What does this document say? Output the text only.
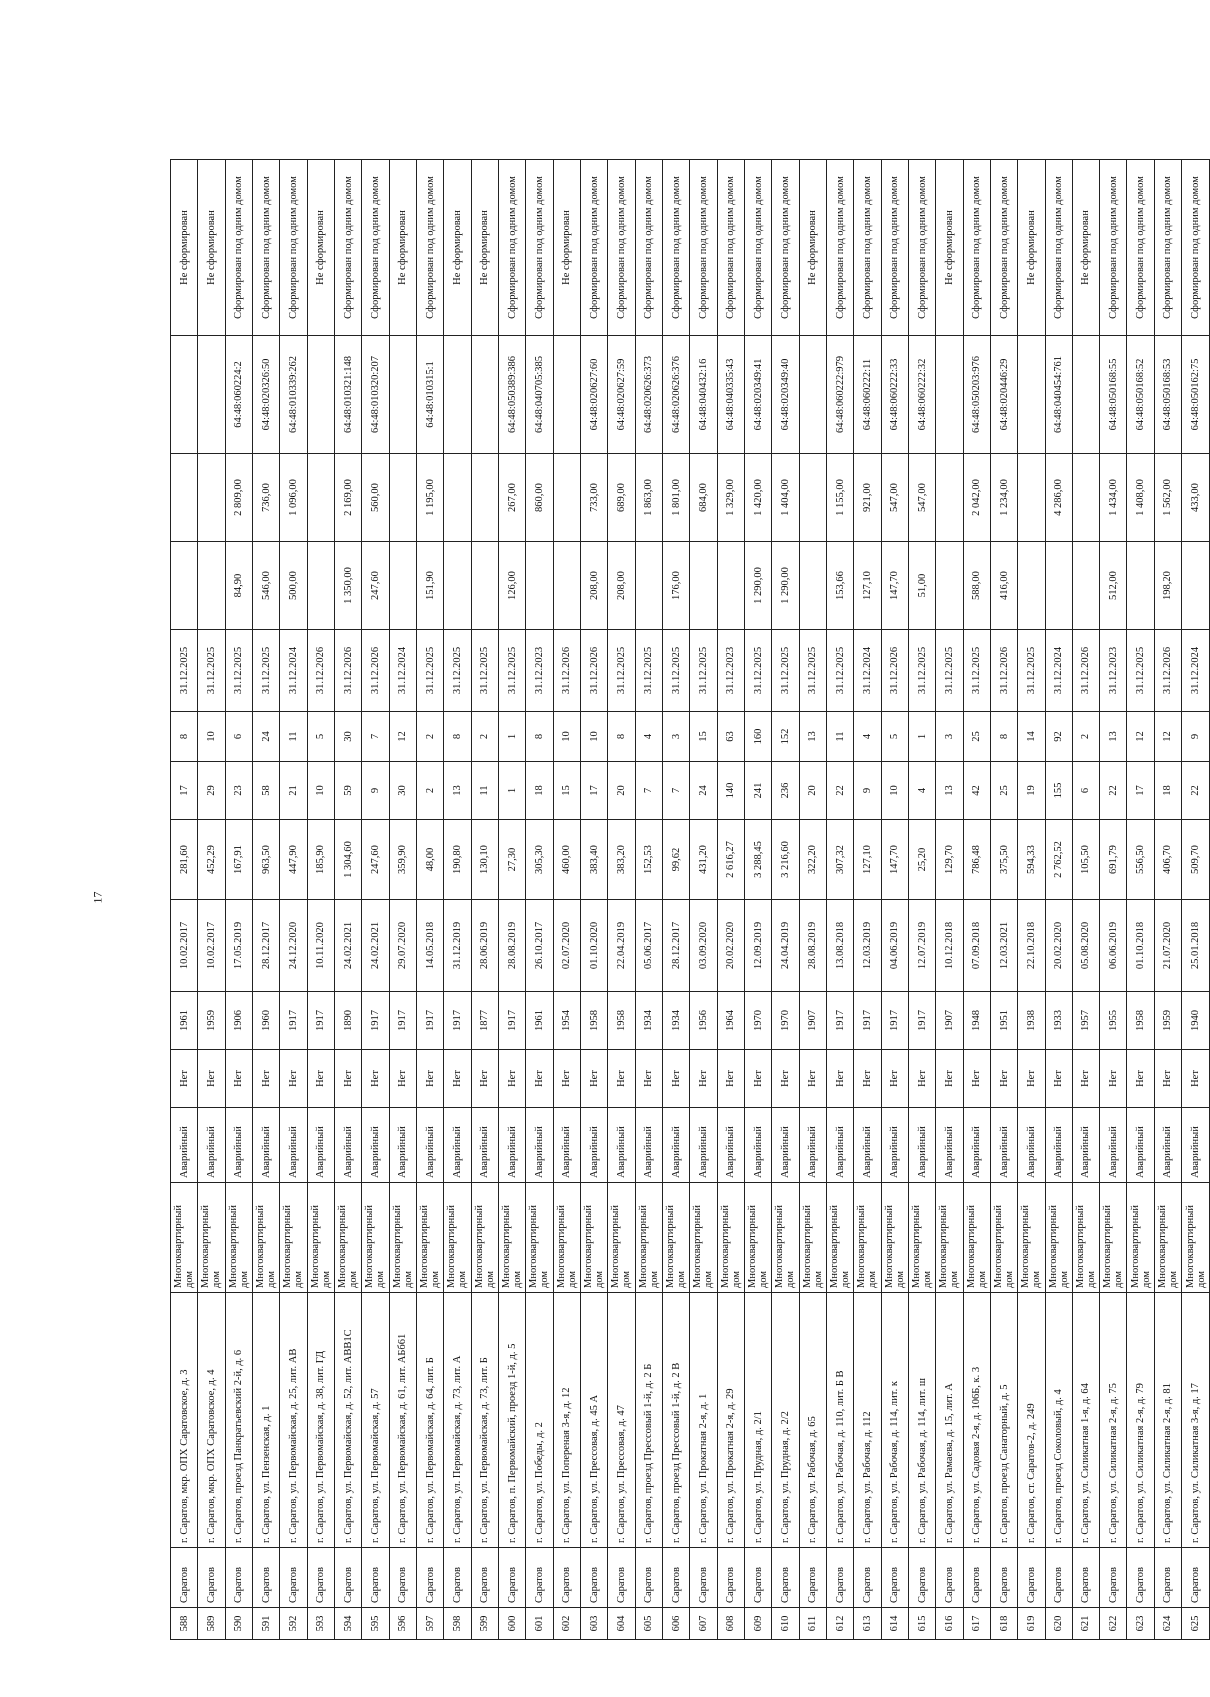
17
588	Саратов	г. Саратов, мкр. ОПХ Саратовское, д. 3	Многоквартирный дом	Аварийный	Нет	1961	10.02.2017	281,60	17	8	31.12.2025				Не сформирован
589	Саратов	г. Саратов, мкр. ОПХ Саратовское, д. 4	Многоквартирный дом	Аварийный	Нет	1959	10.02.2017	452,29	29	10	31.12.2025				Не сформирован
590	Саратов	г. Саратов, проезд Панкратьевский 2-й, д. 6	Многоквартирный дом	Аварийный	Нет	1906	17.05.2019	167,91	23	6	31.12.2025	84,90	2 809,00	64:48:060224:2	Сформирован под одним домом
591	Саратов	г. Саратов, ул. Пензенская, д. 1	Многоквартирный дом	Аварийный	Нет	1960	28.12.2017	963,50	58	24	31.12.2025	546,00	736,00	64:48:020326:50	Сформирован под одним домом
592	Саратов	г. Саратов, ул. Первомайская, д. 25, лит. АВ	Многоквартирный дом	Аварийный	Нет	1917	24.12.2020	447,90	21	11	31.12.2024	500,00	1 096,00	64:48:010339:262	Сформирован под одним домом
593	Саратов	г. Саратов, ул. Первомайская, д. 38, лит. ГД	Многоквартирный дом	Аварийный	Нет	1917	10.11.2020	185,90	10	5	31.12.2026				Не сформирован
594	Саратов	г. Саратов, ул. Первомайская, д. 52, лит. АВВ1С	Многоквартирный дом	Аварийный	Нет	1890	24.02.2021	1 304,60	59	30	31.12.2026	1 350,00	2 169,00	64:48:010321:148	Сформирован под одним домом
595	Саратов	г. Саратов, ул. Первомайская, д. 57	Многоквартирный дом	Аварийный	Нет	1917	24.02.2021	247,60	9	7	31.12.2026	247,60	560,00	64:48:010320:207	Сформирован под одним домом
596	Саратов	г. Саратов, ул. Первомайская, д. 61, лит. АБб61	Многоквартирный дом	Аварийный	Нет	1917	29.07.2020	359,90	30	12	31.12.2024				Не сформирован
597	Саратов	г. Саратов, ул. Первомайская, д. 64, лит. Б	Многоквартирный дом	Аварийный	Нет	1917	14.05.2018	48,00	2	2	31.12.2025	151,90	1 195,00	64:48:010315:1	Сформирован под одним домом
598	Саратов	г. Саратов, ул. Первомайская, д. 73, лит. А	Многоквартирный дом	Аварийный	Нет	1917	31.12.2019	190,80	13	8	31.12.2025				Не сформирован
599	Саратов	г. Саратов, ул. Первомайская, д. 73, лит. Б	Многоквартирный дом	Аварийный	Нет	1877	28.06.2019	130,10	11	2	31.12.2025				Не сформирован
600	Саратов	г. Саратов, п. Первомайский, проезд 1-й, д. 5	Многоквартирный дом	Аварийный	Нет	1917	28.08.2019	27,30	1	1	31.12.2025	126,00	267,00	64:48:050389:386	Сформирован под одним домом
601	Саратов	г. Саратов, ул. Победы, д. 2	Многоквартирный дом	Аварийный	Нет	1961	26.10.2017	305,30	18	8	31.12.2023		860,00	64:48:040705:385	Сформирован под одним домом
602	Саратов	г. Саратов, ул. Попереная 3-я, д. 12	Многоквартирный дом	Аварийный	Нет	1954	02.07.2020	460,00	15	10	31.12.2026				Не сформирован
603	Саратов	г. Саратов, ул. Прессовая, д. 45 А	Многоквартирный дом	Аварийный	Нет	1958	01.10.2020	383,40	17	10	31.12.2026	208,00	733,00	64:48:020627:60	Сформирован под одним домом
604	Саратов	г. Саратов, ул. Прессовая, д. 47	Многоквартирный дом	Аварийный	Нет	1958	22.04.2019	383,20	20	8	31.12.2025	208,00	689,00	64:48:020627:59	Сформирован под одним домом
605	Саратов	г. Саратов, проезд Прессовый 1-й, д. 2 Б	Многоквартирный дом	Аварийный	Нет	1934	05.06.2017	152,53	7	4	31.12.2025		1 863,00	64:48:020626:373	Сформирован под одним домом
606	Саратов	г. Саратов, проезд Прессовый 1-й, д. 2 В	Многоквартирный дом	Аварийный	Нет	1934	28.12.2017	99,62	7	3	31.12.2025	176,00	1 801,00	64:48:020626:376	Сформирован под одним домом
607	Саратов	г. Саратов, ул. Прокатная 2-я, д. 1	Многоквартирный дом	Аварийный	Нет	1956	03.09.2020	431,20	24	15	31.12.2025		684,00	64:48:040432:16	Сформирован под одним домом
608	Саратов	г. Саратов, ул. Прокатная 2-я, д. 29	Многоквартирный дом	Аварийный	Нет	1964	20.02.2020	2 616,27	140	63	31.12.2023		1 329,00	64:48:040335:43	Сформирован под одним домом
609	Саратов	г. Саратов, ул. Прудная, д. 2/1	Многоквартирный дом	Аварийный	Нет	1970	12.09.2019	3 288,45	241	160	31.12.2025	1 290,00	1 420,00	64:48:020349:41	Сформирован под одним домом
610	Саратов	г. Саратов, ул. Прудная, д. 2/2	Многоквартирный дом	Аварийный	Нет	1970	24.04.2019	3 216,60	236	152	31.12.2025	1 290,00	1 404,00	64:48:020349:40	Сформирован под одним домом
611	Саратов	г. Саратов, ул. Рабочая, д. 65	Многоквартирный дом	Аварийный	Нет	1907	28.08.2019	322,20	20	13	31.12.2025				Не сформирован
612	Саратов	г. Саратов, ул. Рабочая, д. 110, лит. Б В	Многоквартирный дом	Аварийный	Нет	1917	13.08.2018	307,32	22	11	31.12.2025	153,66	1 155,00	64:48:060222:979	Сформирован под одним домом
613	Саратов	г. Саратов, ул. Рабочая, д. 112	Многоквартирный дом	Аварийный	Нет	1917	12.03.2019	127,10	9	4	31.12.2024	127,10	921,00	64:48:060222:11	Сформирован под одним домом
614	Саратов	г. Саратов, ул. Рабочая, д. 114, лит. к	Многоквартирный дом	Аварийный	Нет	1917	04.06.2019	147,70	10	5	31.12.2026	147,70	547,00	64:48:060222:33	Сформирован под одним домом
615	Саратов	г. Саратов, ул. Рабочая, д. 114, лит. ш	Многоквартирный дом	Аварийный	Нет	1917	12.07.2019	25,20	4	1	31.12.2025	51,00	547,00	64:48:060222:32	Сформирован под одним домом
616	Саратов	г. Саратов, ул. Рамаева, д. 15, лит. А	Многоквартирный дом	Аварийный	Нет	1907	10.12.2018	129,70	13	3	31.12.2025				Не сформирован
617	Саратов	г. Саратов, ул. Садовая 2-я, д. 106Б, к. 3	Многоквартирный дом	Аварийный	Нет	1948	07.09.2018	786,48	42	25	31.12.2025	588,00	2 042,00	64:48:050203:976	Сформирован под одним домом
618	Саратов	г. Саратов, проезд Санаторный, д. 5	Многоквартирный дом	Аварийный	Нет	1951	12.03.2021	375,50	25	8	31.12.2026	416,00	1 234,00	64:48:020446:29	Сформирован под одним домом
619	Саратов	г. Саратов, ст. Саратов-2, д. 249	Многоквартирный дом	Аварийный	Нет	1938	22.10.2018	594,33	19	14	31.12.2025				Не сформирован
620	Саратов	г. Саратов, проезд Соколовый, д. 4	Многоквартирный дом	Аварийный	Нет	1933	20.02.2020	2 762,52	155	92	31.12.2024		4 286,00	64:48:040454:761	Сформирован под одним домом
621	Саратов	г. Саратов, ул. Силикатная 1-я, д. 64	Многоквартирный дом	Аварийный	Нет	1957	05.08.2020	105,50	6	2	31.12.2026				Не сформирован
622	Саратов	г. Саратов, ул. Силикатная 2-я, д. 75	Многоквартирный дом	Аварийный	Нет	1955	06.06.2019	691,79	22	13	31.12.2023	512,00	1 434,00	64:48:050168:55	Сформирован под одним домом
623	Саратов	г. Саратов, ул. Силикатная 2-я, д. 79	Многоквартирный дом	Аварийный	Нет	1958	01.10.2018	556,50	17	12	31.12.2025		1 408,00	64:48:050168:52	Сформирован под одним домом
624	Саратов	г. Саратов, ул. Силикатная 2-я, д. 81	Многоквартирный дом	Аварийный	Нет	1959	21.07.2020	406,70	18	12	31.12.2026	198,20	1 562,00	64:48:050168:53	Сформирован под одним домом
625	Саратов	г. Саратов, ул. Силикатная 3-я, д. 17	Многоквартирный дом	Аварийный	Нет	1940	25.01.2018	509,70	22	9	31.12.2024		433,00	64:48:050162:75	Сформирован под одним домом
